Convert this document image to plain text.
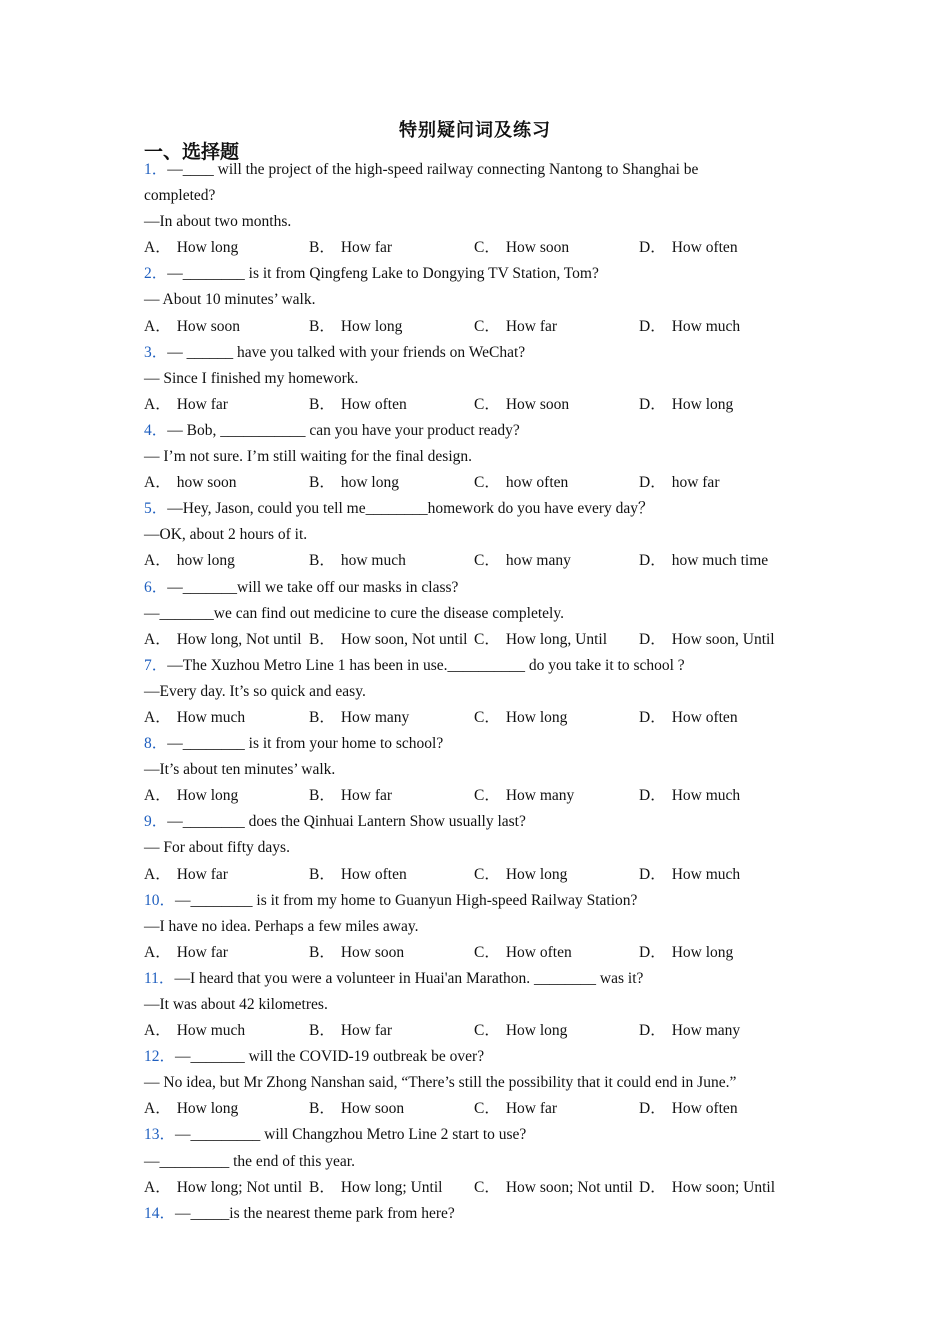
特别疑问词及练习
一、选择题
1．—____ will the project of the high-speed railway connecting Nantong to Shanghai be
completed?
—In about two months.
A． How long	B． How far	C． How soon	D． How often
2．—________ is it from Qingfeng Lake to Dongying TV Station, Tom?
— About 10 minutes’ walk.
A． How soon	B． How long	C． How far	D． How much
3．— ______ have you talked with your friends on WeChat?
— Since I finished my homework.
A． How far	B． How often	C． How soon	D． How long
4．— Bob, ___________ can you have your product ready?
— I’m not sure. I’m still waiting for the final design.
A． how soon	B． how long	C． how often	D． how far
5．—Hey, Jason, could you tell me________homework do you have every day？
—OK, about 2 hours of it.
A． how long	B． how much	C． how many	D． how much time
6．—_______will we take off our masks in class?
—_______we can find out medicine to cure the disease completely.
A． How long, Not until B． How soon, Not until C． How long, Until	D． How soon, Until
7．—The Xuzhou Metro Line 1 has been in use.__________ do you take it to school ?
—Every day. It’s so quick and easy.
A． How much	B． How many	C． How long	D． How often
8．—________ is it from your home to school?
—It’s about ten minutes’ walk.
A． How long	B． How far	C． How many	D． How much
9．—________ does the Qinhuai Lantern Show usually last?
— For about fifty days.
A． How far	B． How often	C． How long	D． How much
10．—________ is it from my home to Guanyun High-speed Railway Station?
—I have no idea. Perhaps a few miles away.
A． How far	B． How soon	C． How often	D． How long
11．—I heard that you were a volunteer in Huai'an Marathon. ________ was it?
—It was about 42 kilometres.
A． How much	B． How far	C． How long	D． How many
12．—_______ will the COVID-19 outbreak be over?
— No idea, but Mr Zhong Nanshan said, “There’s still the possibility that it could end in June.”
A． How long	B． How soon	C． How far	D． How often
13．—_________ will Changzhou Metro Line 2 start to use?
—_________ the end of this year.
A． How long; Not until B． How long; Until	C． How soon; Not until D． How soon; Until
14．—_____is the nearest theme park from here?
